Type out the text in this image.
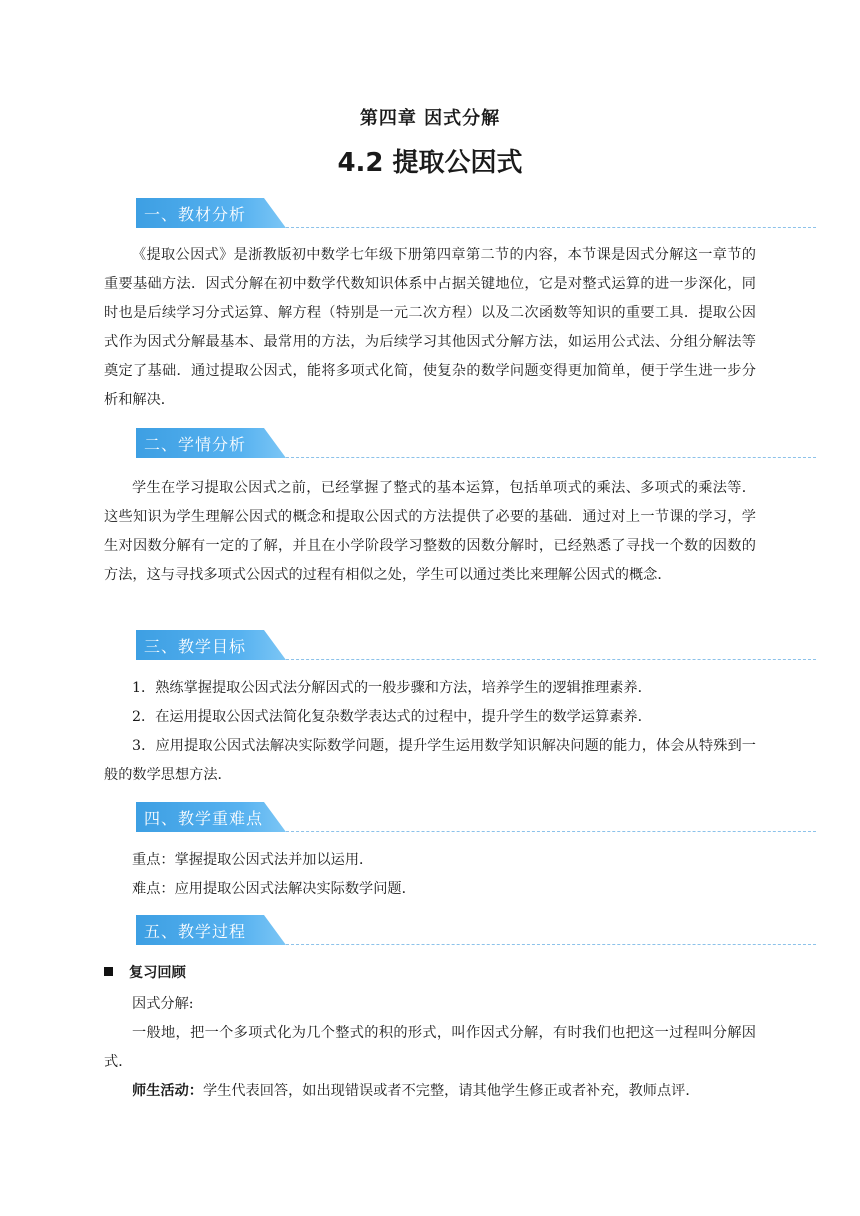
第四章 因式分解
4.2 提取公因式
一、教材分析
《提取公因式》是浙教版初中数学七年级下册第四章第二节的内容，本节课是因式分解这一章节的重要基础方法．因式分解在初中数学代数知识体系中占据关键地位，它是对整式运算的进一步深化，同时也是后续学习分式运算、解方程（特别是一元二次方程）以及二次函数等知识的重要工具．提取公因式作为因式分解最基本、最常用的方法，为后续学习其他因式分解方法，如运用公式法、分组分解法等奠定了基础．通过提取公因式，能将多项式化简，使复杂的数学问题变得更加简单，便于学生进一步分析和解决．
二、学情分析
学生在学习提取公因式之前，已经掌握了整式的基本运算，包括单项式的乘法、多项式的乘法等．这些知识为学生理解公因式的概念和提取公因式的方法提供了必要的基础．通过对上一节课的学习，学生对因数分解有一定的了解，并且在小学阶段学习整数的因数分解时，已经熟悉了寻找一个数的因数的方法，这与寻找多项式公因式的过程有相似之处，学生可以通过类比来理解公因式的概念．
三、教学目标
1．熟练掌握提取公因式法分解因式的一般步骤和方法，培养学生的逻辑推理素养．
2．在运用提取公因式法简化复杂数学表达式的过程中，提升学生的数学运算素养．
3．应用提取公因式法解决实际数学问题，提升学生运用数学知识解决问题的能力，体会从特殊到一般的数学思想方法．
四、教学重难点
重点：掌握提取公因式法并加以运用．
难点：应用提取公因式法解决实际数学问题．
五、教学过程
复习回顾
因式分解:
一般地，把一个多项式化为几个整式的积的形式，叫作因式分解，有时我们也把这一过程叫分解因式．
师生活动：学生代表回答，如出现错误或者不完整，请其他学生修正或者补充，教师点评．
